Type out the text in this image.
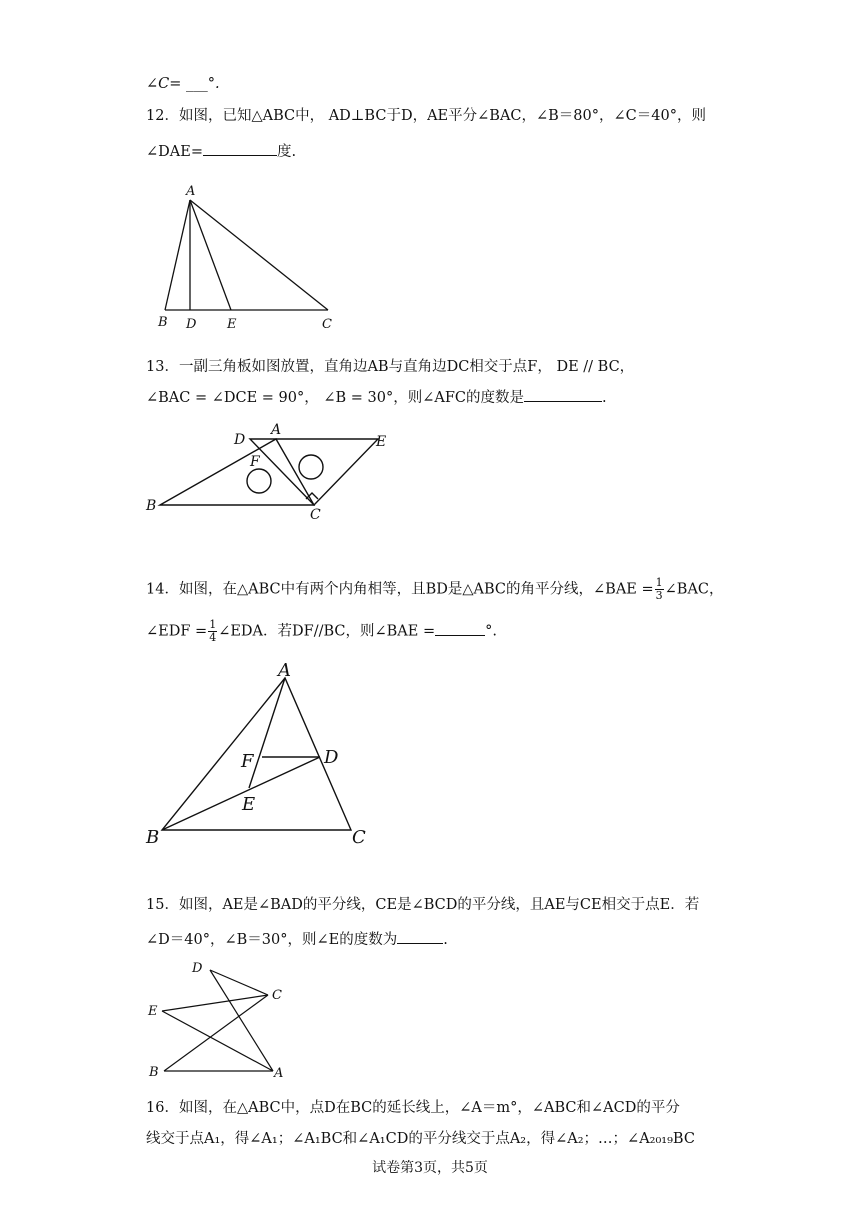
∠C= ___°.
12．如图，已知△ABC中， AD⊥BC于D，AE平分∠BAC，∠B＝80°，∠C＝40°，则
∠DAE=	度.
A
B D E	C
13．一副三角板如图放置，直角边AB与直角边DC相交于点F， DE // BC，
∠BAC = ∠DCE = 90°， ∠B = 30°，则∠AFC的度数是	.
D
A
E
F
B
C
14．如图，在△ABC中有两个内角相等，且BD是△ABC的角平分线，∠BAE = $\frac{1}{3}$ ∠BAC，
∠EDF = $\frac{1}{4}$ ∠EDA．若DF//BC，则∠BAE =	°.
A
F	D
E
B	C
15．如图，AE是∠BAD的平分线，CE是∠BCD的平分线，且AE与CE相交于点E．若
∠D＝40°，∠B＝30°，则∠E的度数为	.
D
C
E
B	A
16．如图，在△ABC中，点D在BC的延长线上，∠A＝m°，∠ABC和∠ACD的平分
线交于点A₁，得∠A₁；∠A₁BC和∠A₁CD的平分线交于点A₂，得∠A₂；…；∠A₂₀₁₉BC
试卷第3页，共5页
